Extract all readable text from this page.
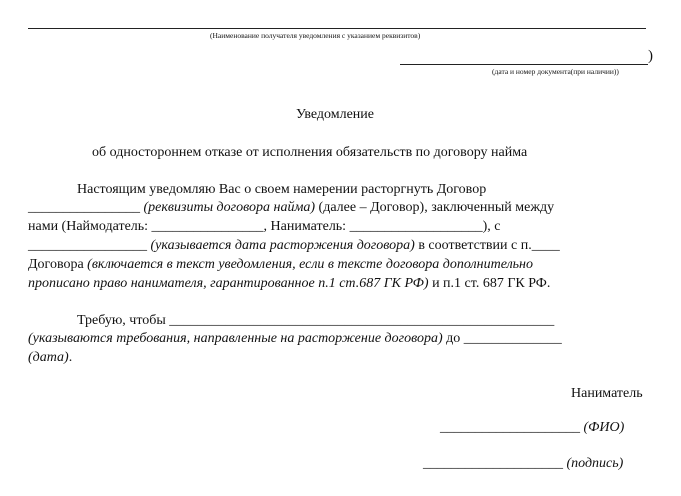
(Наименование получателя уведомления с указанием реквизитов)
)
(дата и номер документа(при наличии))
Уведомление
об одностороннем отказе от исполнения обязательств по договору найма
Настоящим уведомляю Вас о своем намерении расторгнуть Договор
________________ (реквизиты договора найма) (далее – Договор), заключенный между
нами (Наймодатель: ________________, Наниматель: ___________________), с
_________________ (указывается дата расторжения договора) в соответствии с п.____
Договора (включается в текст уведомления, если в тексте договора дополнительно
прописано право нанимателя, гарантированное п.1 ст.687 ГК РФ) и п.1 ст. 687 ГК РФ.
Требую, чтобы _______________________________________________________
(указываются требования, направленные на расторжение договора) до ______________
(дата).
Наниматель
____________________ (ФИО)
____________________ (подпись)
